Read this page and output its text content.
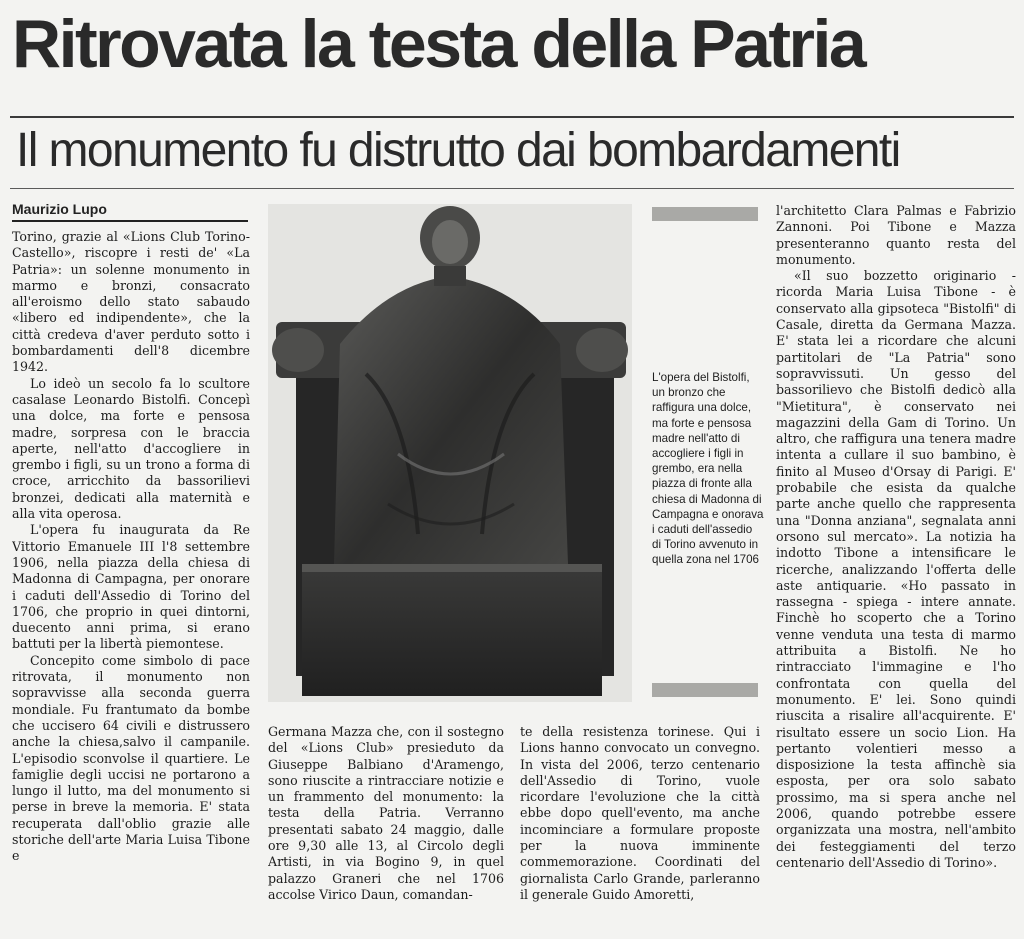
Ritrovata la testa della Patria
Il monumento fu distrutto dai bombardamenti
Maurizio Lupo

Torino, grazie al «Lions Club Torino-Castello», riscopre i resti de' «La Patria»: un solenne monumento in marmo e bronzi, consacrato all'eroismo dello stato sabaudo «libero ed indipendente», che la città credeva d'aver perduto sotto i bombardamenti dell'8 dicembre 1942.

Lo ideò un secolo fa lo scultore casalase Leonardo Bistolfi. Concepì una dolce, ma forte e pensosa madre, sorpresa con le braccia aperte, nell'atto d'accogliere in grembo i figli, su un trono a forma di croce, arricchito da bassorilievi bronzei, dedicati alla maternità e alla vita operosa.

L'opera fu inaugurata da Re Vittorio Emanuele III l'8 settembre 1906, nella piazza della chiesa di Madonna di Campagna, per onorare i caduti dell'Assedio di Torino del 1706, che proprio in quei dintorni, duecento anni prima, si erano battuti per la libertà piemontese.

Concepito come simbolo di pace ritrovata, il monumento non sopravvisse alla seconda guerra mondiale. Fu frantumato da bombe che uccisero 64 civili e distrussero anche la chiesa,salvo il campanile. L'episodio sconvolse il quartiere. Le famiglie degli uccisi ne portarono a lungo il lutto, ma del monumento si perse in breve la memoria. E' stata recuperata dall'oblio grazie alle storiche dell'arte Maria Luisa Tibone e

L'opera del Bistolfi, un bronzo che raffigura una dolce, ma forte e pensosa madre nell'atto di accogliere i figli in grembo, era nella piazza di fronte alla chiesa di Madonna di Campagna e onorava i caduti dell'assedio di Torino avvenuto in quella zona nel 1706

Germana Mazza che, con il sostegno del «Lions Club» presieduto da Giuseppe Balbiano d'Aramengo, sono riuscite a rintracciare notizie e un frammento del monumento: la testa della Patria. Verranno presentati sabato 24 maggio, dalle ore 9,30 alle 13, al Circolo degli Artisti, in via Bogino 9, in quel palazzo Graneri che nel 1706 accolse Virico Daun, comandan-

te della resistenza torinese. Qui i Lions hanno convocato un convegno. In vista del 2006, terzo centenario dell'Assedio di Torino, vuole ricordare l'evoluzione che la città ebbe dopo quell'evento, ma anche incominciare a formulare proposte per la nuova imminente commemorazione. Coordinati del giornalista Carlo Grande, parleranno il generale Guido Amoretti,

l'architetto Clara Palmas e Fabrizio Zannoni. Poi Tibone e Mazza presenteranno quanto resta del monumento.

«Il suo bozzetto originario - ricorda Maria Luisa Tibone - è conservato alla gipsoteca "Bistolfi" di Casale, diretta da Germana Mazza. E' stata lei a ricordare che alcuni partitolari de "La Patria" sono sopravvissuti. Un gesso del bassorilievo che Bistolfi dedicò alla "Mietitura", è conservato nei magazzini della Gam di Torino. Un altro, che raffigura una tenera madre intenta a cullare il suo bambino, è finito al Museo d'Orsay di Parigi. E' probabile che esista da qualche parte anche quello che rappresenta una "Donna anziana", segnalata anni orsono sul mercato». La notizia ha indotto Tibone a intensificare le ricerche, analizzando l'offerta delle aste antiquarie. «Ho passato in rassegna - spiega - intere annate. Finchè ho scoperto che a Torino venne venduta una testa di marmo attribuita a Bistolfi. Ne ho rintracciato l'immagine e l'ho confrontata con quella del monumento. E' lei. Sono quindi riuscita a risalire all'acquirente. E' risultato essere un socio Lion. Ha pertanto volentieri messo a disposizione la testa affinchè sia esposta, per ora solo sabato prossimo, ma si spera anche nel 2006, quando potrebbe essere organizzata una mostra, nell'ambito dei festeggiamenti del terzo centenario dell'Assedio di Torino».
